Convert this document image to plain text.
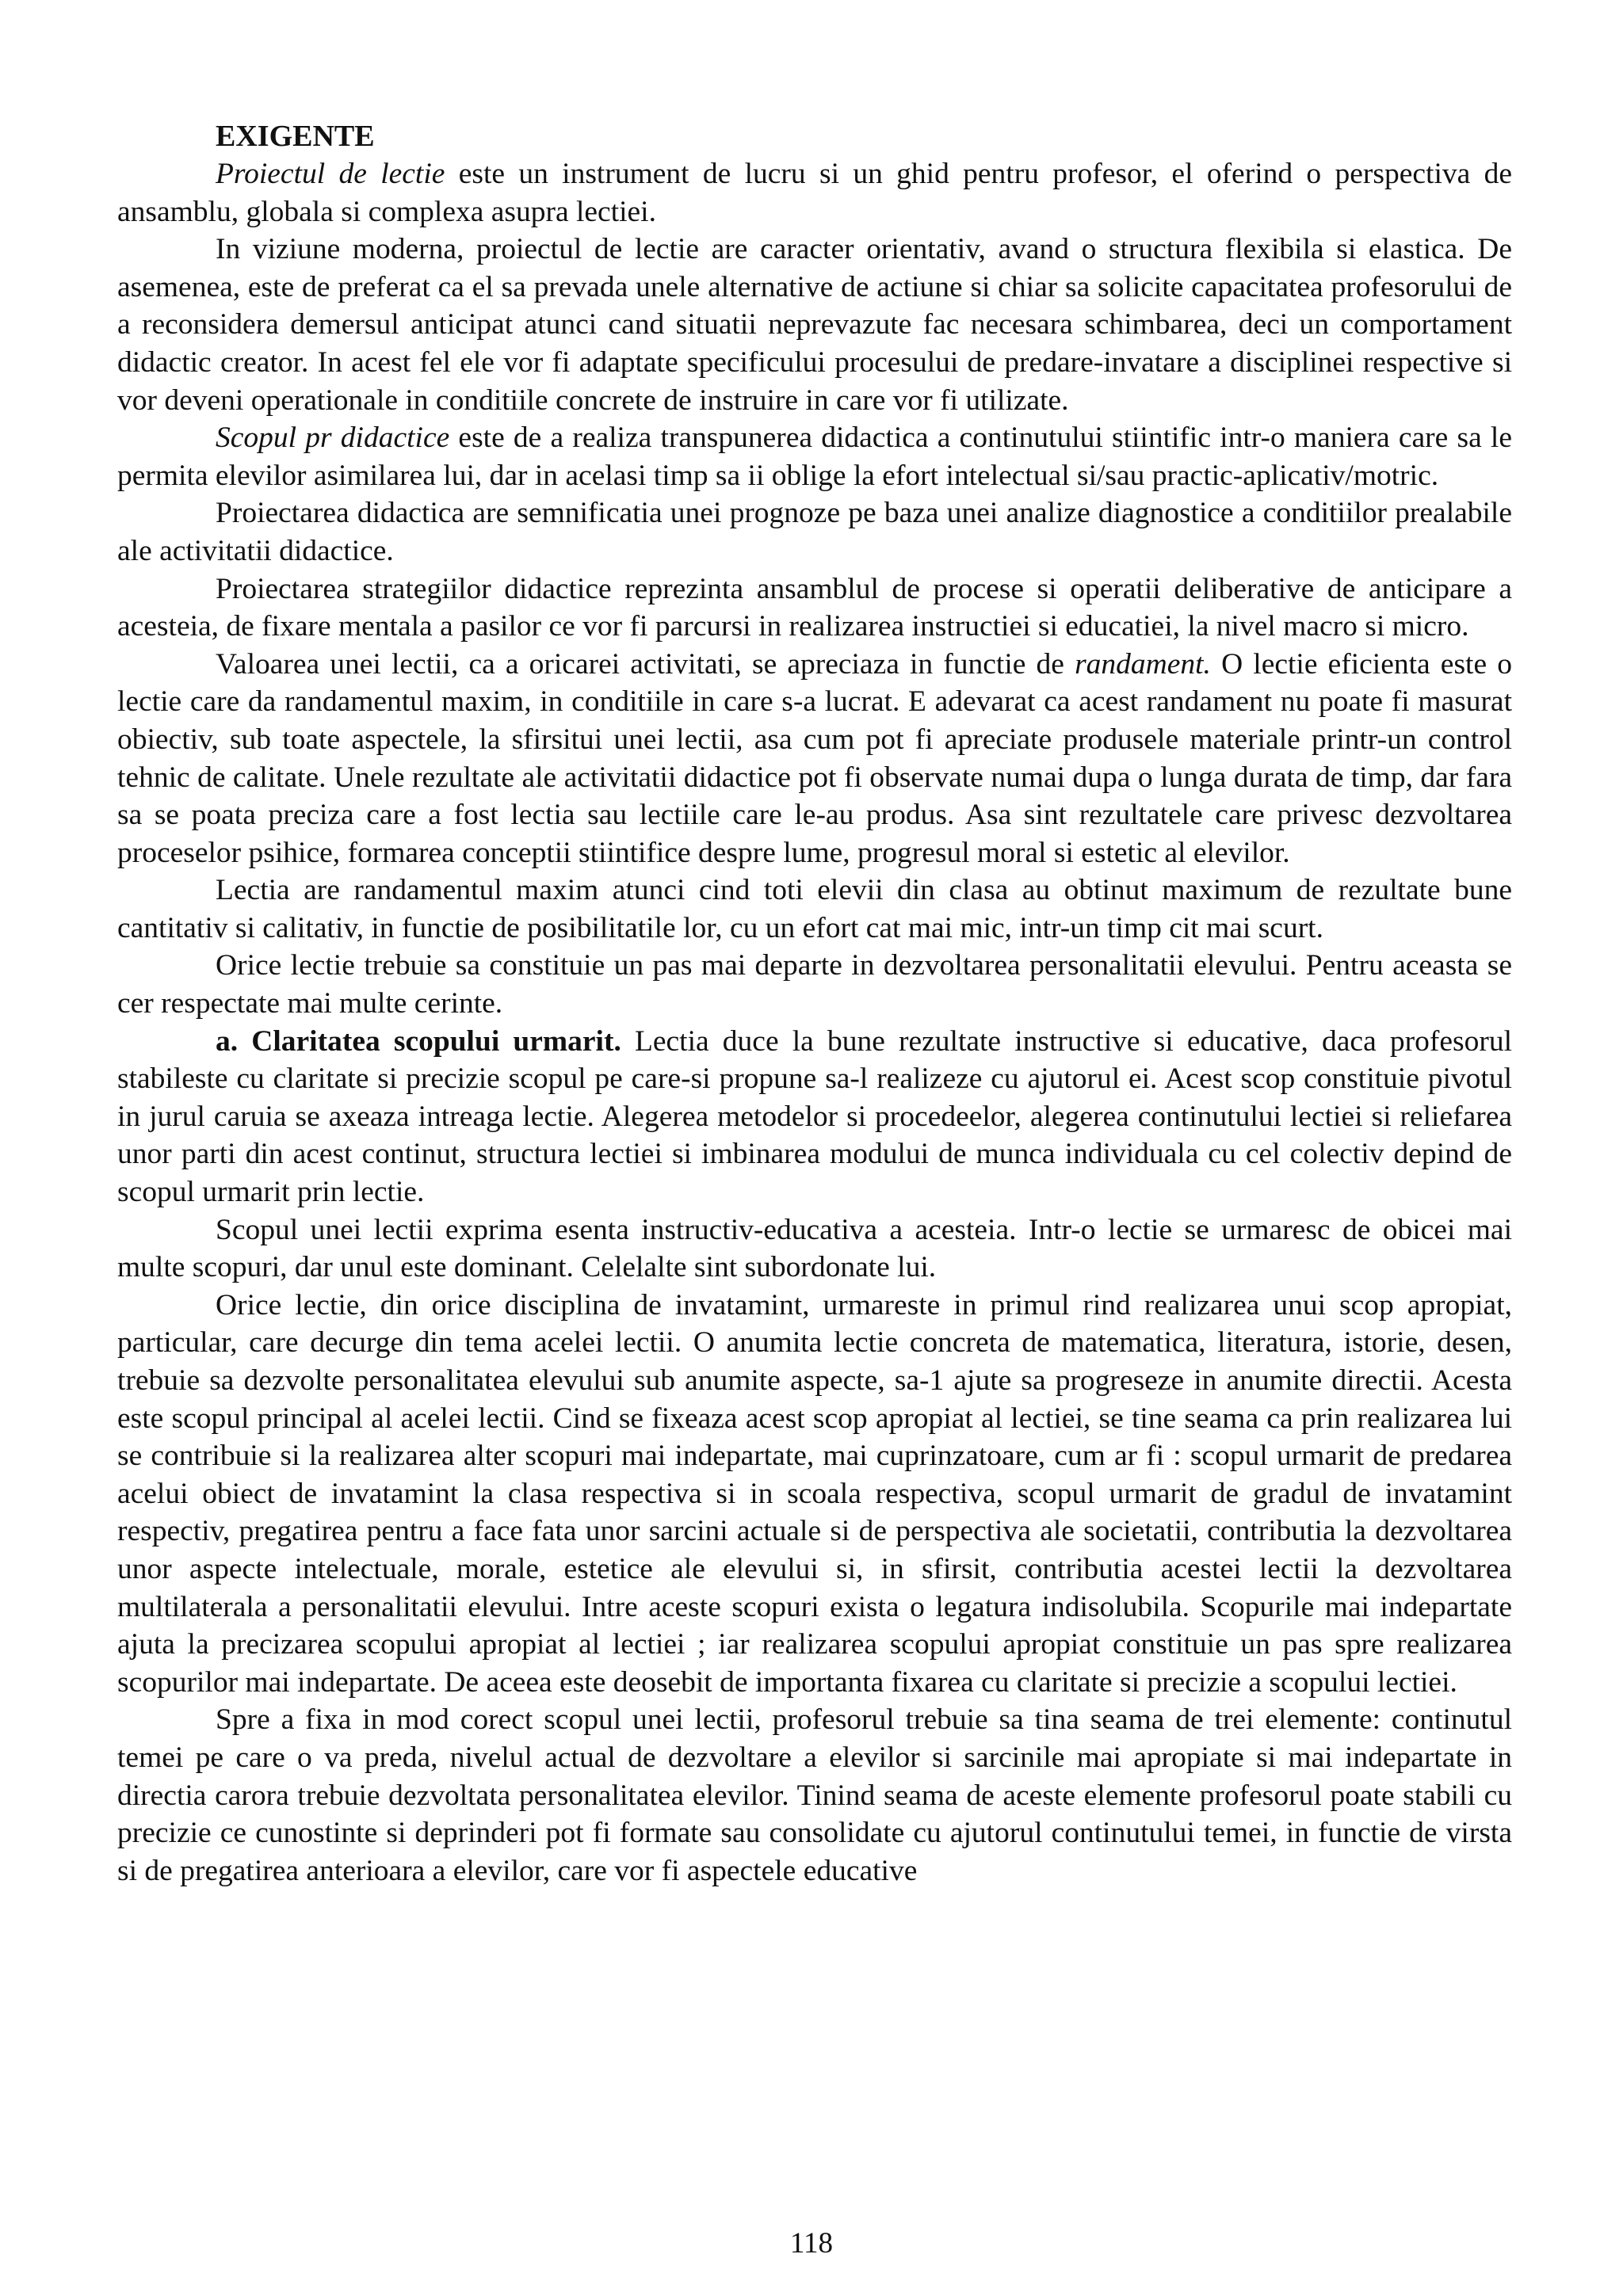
EXIGENTE

Proiectul de lectie este un instrument de lucru si un ghid pentru profesor, el oferind o perspectiva de ansamblu, globala si complexa asupra lectiei.

In viziune moderna, proiectul de lectie are caracter orientativ, avand o structura flexibila si elastica. De asemenea, este de preferat ca el sa prevada unele alternative de actiune si chiar sa solicite capacitatea profesorului de a reconsidera demersul anticipat atunci cand situatii neprevazute fac necesara schimbarea, deci un comportament didactic creator. In acest fel ele vor fi adaptate specificului procesului de predare-invatare a disciplinei respective si vor deveni operationale in conditiile concrete de instruire in care vor fi utilizate.

Scopul pr didactice este de a realiza transpunerea didactica a continutului stiintific intr-o maniera care sa le permita elevilor asimilarea lui, dar in acelasi timp sa ii oblige la efort intelectual si/sau practic-aplicativ/motric.

Proiectarea didactica are semnificatia unei prognoze pe baza unei analize diagnostice a conditiilor prealabile ale activitatii didactice.

Proiectarea strategiilor didactice reprezinta ansamblul de procese si operatii deliberative de anticipare a acesteia, de fixare mentala a pasilor ce vor fi parcursi in realizarea instructiei si educatiei, la nivel macro si micro.

Valoarea unei lectii, ca a oricarei activitati, se apreciaza in functie de randament. O lectie eficienta este o lectie care da randamentul maxim, in conditiile in care s-a lucrat. E adevarat ca acest randament nu poate fi masurat obiectiv, sub toate aspectele, la sfirsitui unei lectii, asa cum pot fi apreciate produsele materiale printr-un control tehnic de calitate. Unele rezultate ale activitatii didactice pot fi observate numai dupa o lunga durata de timp, dar fara sa se poata preciza care a fost lectia sau lectiile care le-au produs. Asa sint rezultatele care privesc dezvoltarea proceselor psihice, formarea conceptii stiintifice despre lume, progresul moral si estetic al elevilor.

Lectia are randamentul maxim atunci cind toti elevii din clasa au obtinut maximum de rezultate bune cantitativ si calitativ, in functie de posibilitatile lor, cu un efort cat mai mic, intr-un timp cit mai scurt.

Orice lectie trebuie sa constituie un pas mai departe in dezvoltarea personalitatii elevului. Pentru aceasta se cer respectate mai multe cerinte.

a. Claritatea scopului urmarit. Lectia duce la bune rezultate instructive si educative, daca profesorul stabileste cu claritate si precizie scopul pe care-si propune sa-l realizeze cu ajutorul ei. Acest scop constituie pivotul in jurul caruia se axeaza intreaga lectie. Alegerea metodelor si procedeelor, alegerea continutului lectiei si reliefarea unor parti din acest continut, structura lectiei si imbinarea modului de munca individuala cu cel colectiv depind de scopul urmarit prin lectie.

Scopul unei lectii exprima esenta instructiv-educativa a acesteia. Intr-o lectie se urmaresc de obicei mai multe scopuri, dar unul este dominant. Celelalte sint subordonate lui.

Orice lectie, din orice disciplina de invatamint, urmareste in primul rind realizarea unui scop apropiat, particular, care decurge din tema acelei lectii. O anumita lectie concreta de matematica, literatura, istorie, desen, trebuie sa dezvolte personalitatea elevului sub anumite aspecte, sa-1 ajute sa progreseze in anumite directii. Acesta este scopul principal al acelei lectii. Cind se fixeaza acest scop apropiat al lectiei, se tine seama ca prin realizarea lui se contribuie si la realizarea alter scopuri mai indepartate, mai cuprinzatoare, cum ar fi : scopul urmarit de predarea acelui obiect de invatamint la clasa respectiva si in scoala respectiva, scopul urmarit de gradul de invatamint respectiv, pregatirea pentru a face fata unor sarcini actuale si de perspectiva ale societatii, contributia la dezvoltarea unor aspecte intelectuale, morale, estetice ale elevului si, in sfirsit, contributia acestei lectii la dezvoltarea multilaterala a personalitatii elevului. Intre aceste scopuri exista o legatura indisolubila. Scopurile mai indepartate ajuta la precizarea scopului apropiat al lectiei ; iar realizarea scopului apropiat constituie un pas spre realizarea scopurilor mai indepartate. De aceea este deosebit de importanta fixarea cu claritate si precizie a scopului lectiei.

Spre a fixa in mod corect scopul unei lectii, profesorul trebuie sa tina seama de trei elemente: continutul temei pe care o va preda, nivelul actual de dezvoltare a elevilor si sarcinile mai apropiate si mai indepartate in directia carora trebuie dezvoltata personalitatea elevilor. Tinind seama de aceste elemente profesorul poate stabili cu precizie ce cunostinte si deprinderi pot fi formate sau consolidate cu ajutorul continutului temei, in functie de virsta si de pregatirea anterioara a elevilor, care vor fi aspectele educative

118
